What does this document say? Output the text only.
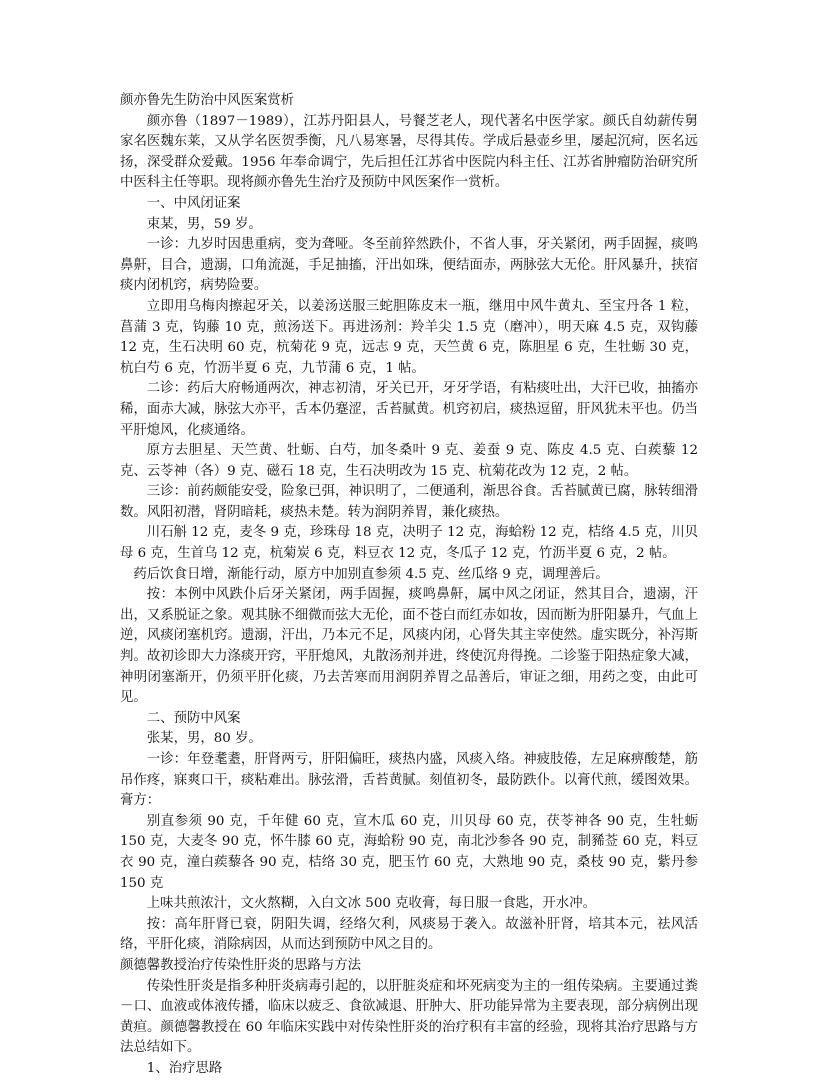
颜亦鲁先生防治中风医案赏析

颜亦鲁（1897－1989），江苏丹阳县人，号餐芝老人，现代著名中医学家。颜氏自幼薪传舅家名医魏东莱，又从学名医贺季衡，凡八易寒暑，尽得其传。学成后悬壶乡里，屡起沉疴，医名远扬，深受群众爱戴。1956 年奉命调宁，先后担任江苏省中医院内科主任、江苏省肿瘤防治研究所中医科主任等职。现将颜亦鲁先生治疗及预防中风医案作一赏析。

一、中风闭证案

束某，男，59 岁。

一诊：九岁时因患重病，变为聋哑。冬至前猝然跌仆，不省人事，牙关紧闭，两手固握，痰鸣鼻鼾，目合，遗溺，口角流涎，手足抽搐，汗出如珠，便结面赤，两脉弦大无伦。肝风暴升，挟宿痰内闭机窍，病势险要。

立即用乌梅肉擦起牙关，以姜汤送服三蛇胆陈皮末一瓶，继用中风牛黄丸、至宝丹各 1 粒，菖蒲 3 克，钩藤 10 克，煎汤送下。再进汤剂：羚羊尖 1.5 克（磨冲），明天麻 4.5 克，双钩藤 12 克，生石决明 60 克，杭菊花 9 克，远志 9 克，天竺黄 6 克，陈胆星 6 克，生牡蛎 30 克，杭白芍 6 克，竹沥半夏 6 克，九节蒲 6 克，1 帖。

二诊：药后大府畅通两次，神志初清，牙关已开，牙牙学语，有粘痰吐出，大汗已收，抽搐亦稀，面赤大减，脉弦大亦平，舌本仍蹇涩，舌苔腻黄。机窍初启，痰热逗留，肝风犹未平也。仍当平肝熄风，化痰通络。

原方去胆星、天竺黄、牡蛎、白芍，加冬桑叶 9 克、姜蚕 9 克、陈皮 4.5 克、白蒺藜 12 克、云苓神（各）9 克、磁石 18 克，生石决明改为 15 克、杭菊花改为 12 克，2 帖。

三诊：前药颇能安受，险象已弭，神识明了，二便通利，渐思谷食。舌苔腻黄已腐，脉转细滑数。风阳初潜，肾阴暗耗，痰热未楚。转为润阴养胃，兼化痰热。

川石斛 12 克，麦冬 9 克，珍珠母 18 克，决明子 12 克，海蛤粉 12 克，桔络 4.5 克，川贝母 6 克，生首乌 12 克，杭菊炭 6 克，料豆衣 12 克，冬瓜子 12 克，竹沥半夏 6 克，2 帖。

药后饮食日增，渐能行动，原方中加别直参须 4.5 克、丝瓜络 9 克，调理善后。

按：本例中风跌仆后牙关紧闭，两手固握，痰鸣鼻鼾，属中风之闭证，然其目合，遗溺，汗出，又系脱证之象。观其脉不细微而弦大无伦，面不苍白而红赤如妆，因而断为肝阳暴升，气血上逆，风痰闭塞机窍。遗溺，汗出，乃本元不足，风痰内闭，心肾失其主宰使然。虚实既分，补泻斯判。故初诊即大力涤痰开窍，平肝熄风，丸散汤剂并进，终使沉舟得挽。二诊鉴于阳热症象大减，神明闭塞渐开，仍须平肝化痰，乃去苦寒而用润阴养胃之品善后，审证之细，用药之变，由此可见。

二、预防中风案

张某，男，80 岁。

一诊：年登耄耋，肝肾两亏，肝阳偏旺，痰热内盛，风痰入络。神疲肢倦，左足麻痹酸楚，筋吊作疼，寐爽口干，痰粘难出。脉弦滑，舌苔黄腻。刻值初冬，最防跌仆。以膏代煎，缓图效果。膏方：

别直参须 90 克，千年健 60 克，宣木瓜 60 克，川贝母 60 克，茯苓神各 90 克，生牡蛎 150 克，大麦冬 90 克，怀牛膝 60 克，海蛤粉 90 克，南北沙参各 90 克，制豨莶 60 克，料豆衣 90 克，潼白蒺藜各 90 克，桔络 30 克，肥玉竹 60 克，大熟地 90 克，桑枝 90 克，紫丹参 150 克

上味共煎浓汁，文火熬糊，入白文冰 500 克收膏，每日服一食匙，开水冲。

按：高年肝肾已衰，阴阳失调，经络欠利，风痰易于袭入。故滋补肝肾，培其本元，祛风活络，平肝化痰，消除病因，从而达到预防中风之目的。

颜德馨教授治疗传染性肝炎的思路与方法

传染性肝炎是指多种肝炎病毒引起的，以肝脏炎症和坏死病变为主的一组传染病。主要通过粪－口、血液或体液传播，临床以疲乏、食欲减退、肝肿大、肝功能异常为主要表现，部分病例出现黄疸。颜德馨教授在 60 年临床实践中对传染性肝炎的治疗积有丰富的经验，现将其治疗思路与方法总结如下。

1、治疗思路
